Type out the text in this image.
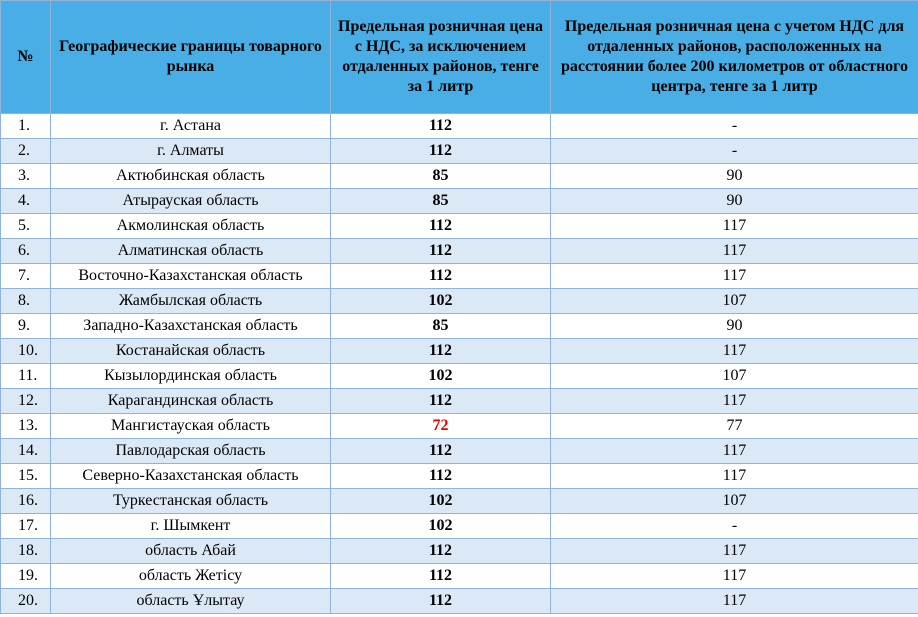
№	Географические границы товарного рынка	Предельная розничная цена с НДС, за исключением отдаленных районов, тенге за 1 литр	Предельная розничная цена с учетом НДС для отдаленных районов, расположенных на расстоянии более 200 километров от областного центра, тенге за 1 литр
1.	г. Астана	112	-
2.	г. Алматы	112	-
3.	Актюбинская область	85	90
4.	Атырауская область	85	90
5.	Акмолинская область	112	117
6.	Алматинская область	112	117
7.	Восточно-Казахстанская область	112	117
8.	Жамбылская область	102	107
9.	Западно-Казахстанская область	85	90
10.	Костанайская область	112	117
11.	Кызылординская область	102	107
12.	Карагандинская область	112	117
13.	Мангистауская область	72	77
14.	Павлодарская область	112	117
15.	Северно-Казахстанская область	112	117
16.	Туркестанская область	102	107
17.	г. Шымкент	102	-
18.	область Абай	112	117
19.	область Жетісу	112	117
20.	область Ұлытау	112	117
